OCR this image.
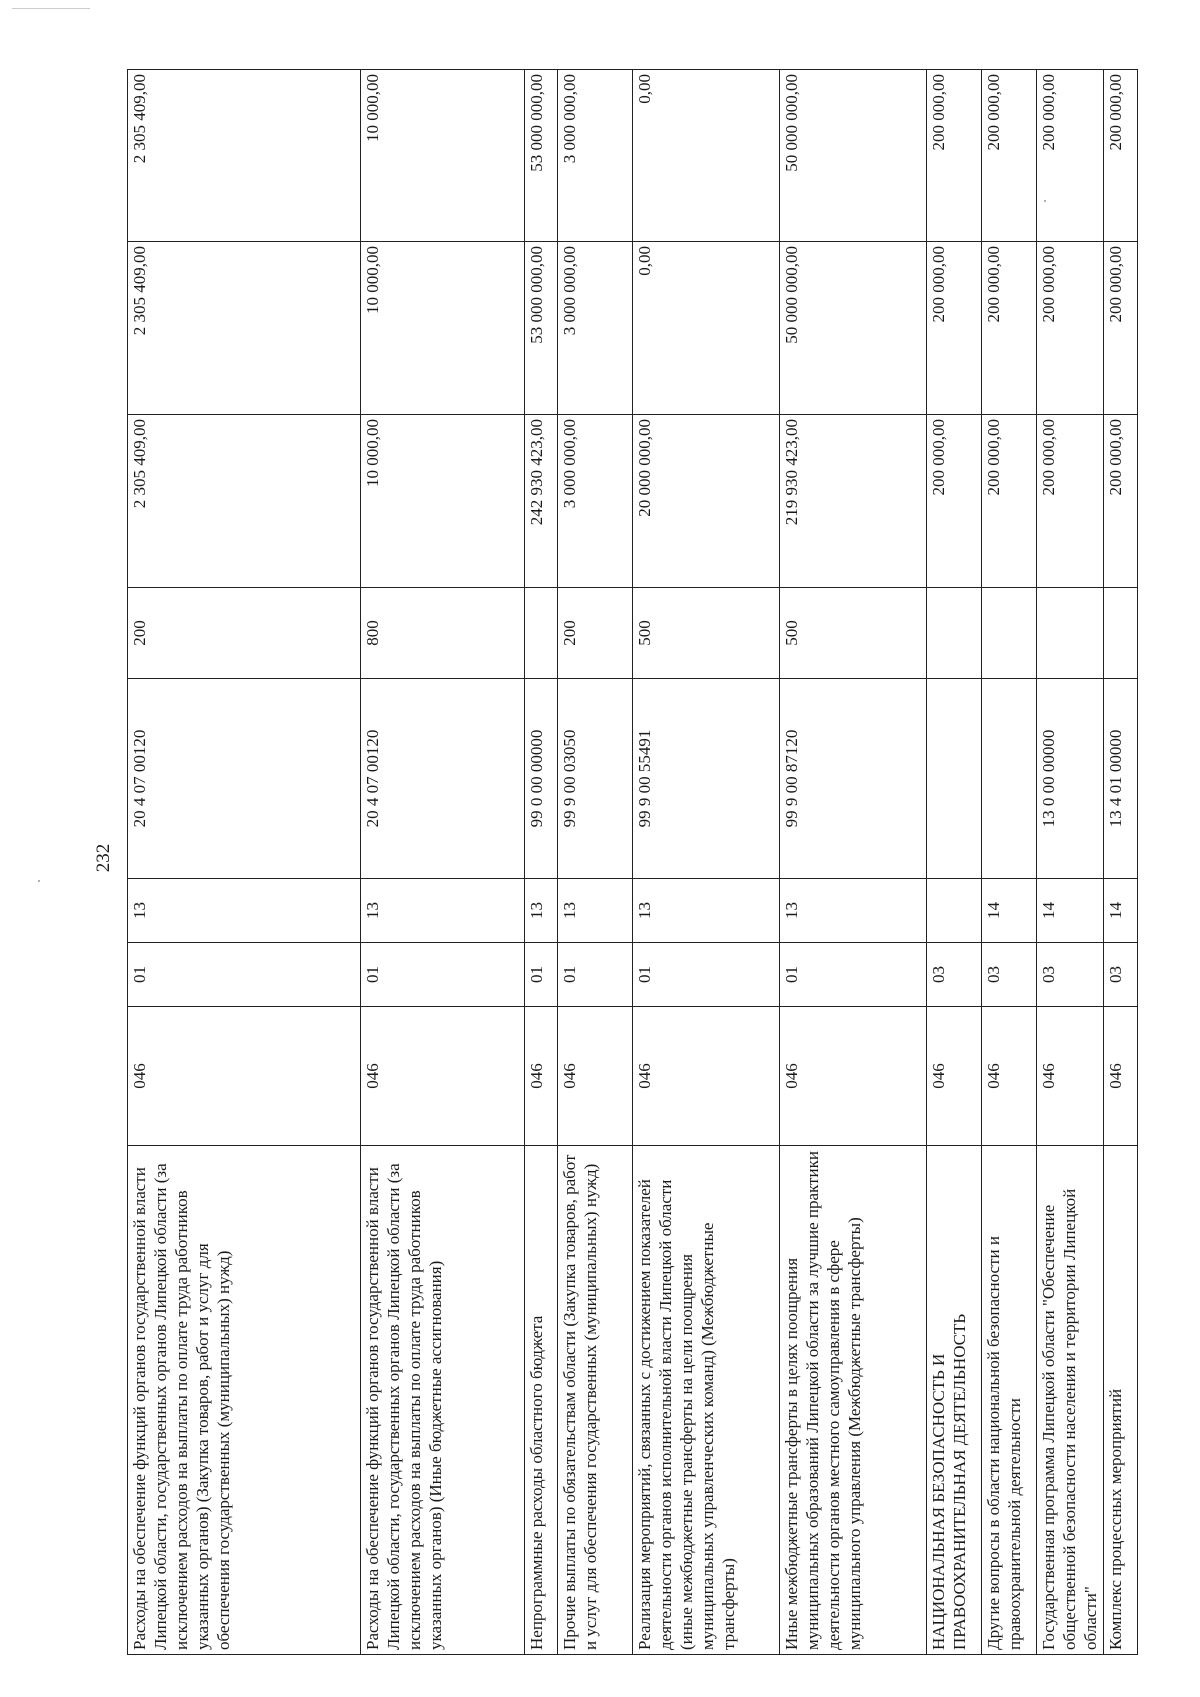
232
Расходы на обеспечение функций органов государственной власти Липецкой области, государственных органов Липецкой области (за исключением расходов на выплаты по оплате труда работников указанных органов) (Закупка товаров, работ и услуг для обеспечения государственных (муниципальных) нужд)	046	01	13	20 4 07 00120	200	2 305 409,00	2 305 409,00	2 305 409,00
Расходы на обеспечение функций органов государственной власти Липецкой области, государственных органов Липецкой области (за исключением расходов на выплаты по оплате труда работников указанных органов) (Иные бюджетные ассигнования)	046	01	13	20 4 07 00120	800	10 000,00	10 000,00	10 000,00
Непрограммные расходы областного бюджета	046	01	13	99 0 00 00000		242 930 423,00	53 000 000,00	53 000 000,00
Прочие выплаты по обязательствам области (Закупка товаров, работ и услуг для обеспечения государственных (муниципальных) нужд)	046	01	13	99 9 00 03050	200	3 000 000,00	3 000 000,00	3 000 000,00
Реализация мероприятий, связанных с достижением показателей деятельности органов исполнительной власти Липецкой области (иные межбюджетные трансферты на цели поощрения муниципальных управленческих команд) (Межбюджетные трансферты)	046	01	13	99 9 00 55491	500	20 000 000,00	0,00	0,00
Иные межбюджетные трансферты в целях поощрения муниципальных образований Липецкой области за лучшие практики деятельности органов местного самоуправления в сфере муниципального управления (Межбюджетные трансферты)	046	01	13	99 9 00 87120	500	219 930 423,00	50 000 000,00	50 000 000,00
НАЦИОНАЛЬНАЯ БЕЗОПАСНОСТЬ И ПРАВООХРАНИТЕЛЬНАЯ ДЕЯТЕЛЬНОСТЬ	046	03				200 000,00	200 000,00	200 000,00
Другие вопросы в области национальной безопасности и правоохранительной деятельности	046	03	14			200 000,00	200 000,00	200 000,00
Государственная программа Липецкой области "Обеспечение общественной безопасности населения и территории Липецкой области"	046	03	14	13 0 00 00000		200 000,00	200 000,00	200 000,00
Комплекс процессных мероприятий	046	03	14	13 4 01 00000		200 000,00	200 000,00	200 000,00
